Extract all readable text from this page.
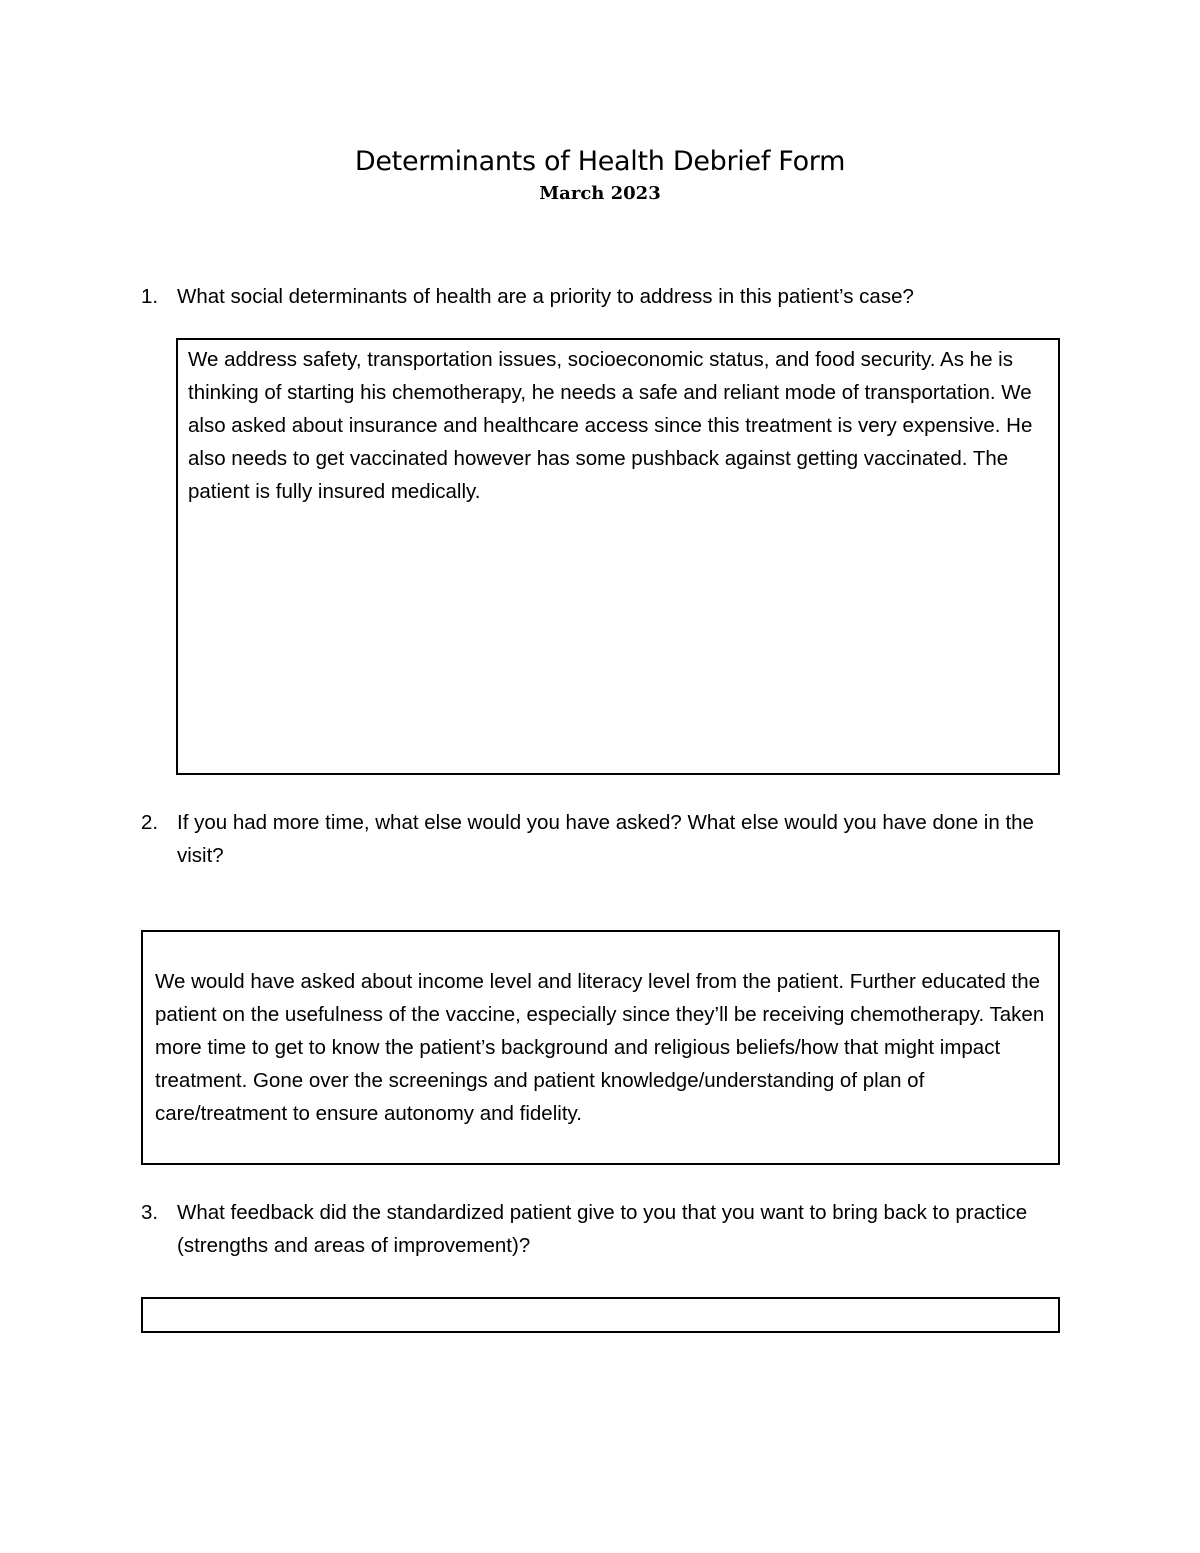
Determinants of Health Debrief Form
March 2023
1. What social determinants of health are a priority to address in this patient’s case?

We address safety, transportation issues, socioeconomic status, and food security. As he is thinking of starting his chemotherapy, he needs a safe and reliant mode of transportation. We also asked about insurance and healthcare access since this treatment is very expensive. He also needs to get vaccinated however has some pushback against getting vaccinated. The patient is fully insured medically.

2. If you had more time, what else would you have asked? What else would you have done in the visit?

We would have asked about income level and literacy level from the patient. Further educated the patient on the usefulness of the vaccine, especially since they’ll be receiving chemotherapy. Taken more time to get to know the patient’s background and religious beliefs/how that might impact treatment. Gone over the screenings and patient knowledge/understanding of plan of care/treatment to ensure autonomy and fidelity.

3. What feedback did the standardized patient give to you that you want to bring back to practice (strengths and areas of improvement)?
